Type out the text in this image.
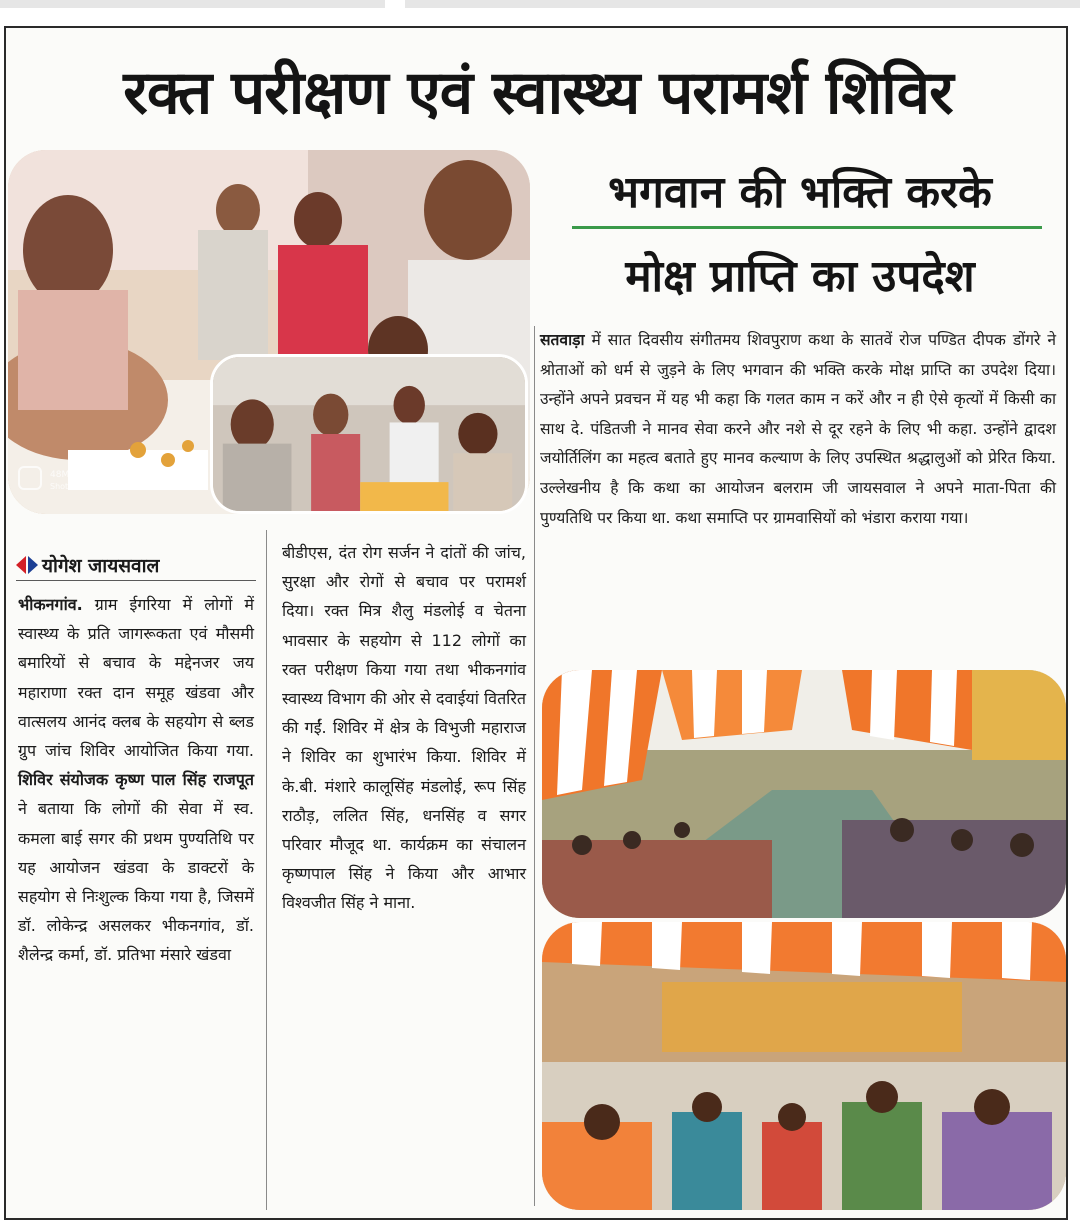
रक्त परीक्षण एवं स्वास्थ्य परामर्श शिविर
48MP QUAD CAMERA
Shot on realme 5s
भगवान की भक्ति करके
मोक्ष प्राप्ति का उपदेश

सतवाड़ा में सात दिवसीय संगीतमय शिवपुराण कथा के सातवें रोज पण्डित दीपक डोंगरे ने श्रोताओं को धर्म से जुड़ने के लिए भगवान की भक्ति करके मोक्ष प्राप्ति का उपदेश दिया। उन्होंने अपने प्रवचन में यह भी कहा कि गलत काम न करें और न ही ऐसे कृत्यों में किसी का साथ दे. पंडितजी ने मानव सेवा करने और नशे से दूर रहने के लिए भी कहा. उन्होंने द्वादश जयोर्तिलिंग का महत्व बताते हुए मानव कल्याण के लिए उपस्थित श्रद्धालुओं को प्रेरित किया. उल्लेखनीय है कि कथा का आयोजन बलराम जी जायसवाल ने अपने माता-पिता की पुण्यतिथि पर किया था. कथा समाप्ति पर ग्रामवासियों को भंडारा कराया गया।

योगेश जायसवाल

भीकनगांव. ग्राम ईगरिया में लोगों में स्वास्थ्य के प्रति जागरूकता एवं मौसमी बमारियों से बचाव के मद्देनजर जय महाराणा रक्त दान समूह खंडवा और वात्सलय आनंद क्लब के सहयोग से ब्लड ग्रुप जांच शिविर आयोजित किया गया. शिविर संयोजक कृष्ण पाल सिंह राजपूत ने बताया कि लोगों की सेवा में स्व. कमला बाई सगर की प्रथम पुण्यतिथि पर यह आयोजन खंडवा के डाक्टरों के सहयोग से निःशुल्क किया गया है, जिसमें डॉ. लोकेन्द्र असलकर भीकनगांव, डॉ. शैलेन्द्र कर्मा, डॉ. प्रतिभा मंसारे खंडवा

बीडीएस, दंत रोग सर्जन ने दांतों की जांच, सुरक्षा और रोगों से बचाव पर परामर्श दिया। रक्त मित्र शैलु मंडलोई व चेतना भावसार के सहयोग से 112 लोगों का रक्त परीक्षण किया गया तथा भीकनगांव स्वास्थ्य विभाग की ओर से दवाईयां वितरित की गईं. शिविर में क्षेत्र के विभुजी महाराज ने शिविर का शुभारंभ किया. शिविर में के.बी. मंशारे कालूसिंह मंडलोई, रूप सिंह राठौड़, ललित सिंह, धनसिंह व सगर परिवार मौजूद था. कार्यक्रम का संचालन कृष्णपाल सिंह ने किया और आभार विश्वजीत सिंह ने माना.
